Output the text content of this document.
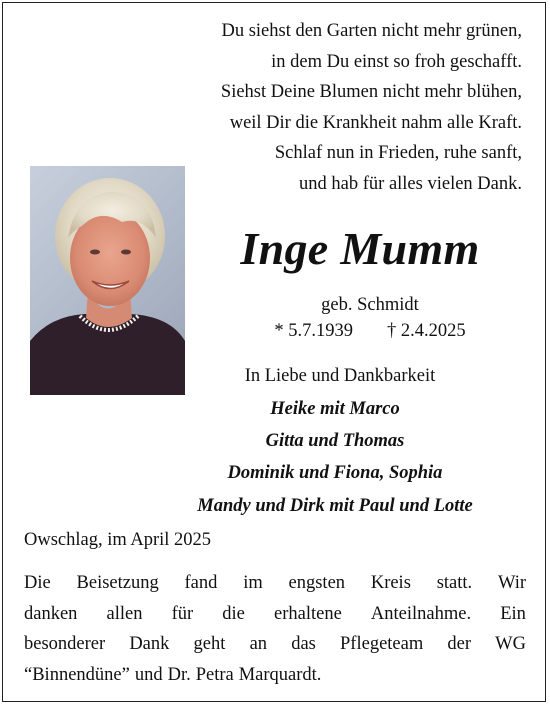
Du siehst den Garten nicht mehr grünen,
in dem Du einst so froh geschafft.
Siehst Deine Blumen nicht mehr blühen,
weil Dir die Krankheit nahm alle Kraft.
Schlaf nun in Frieden, ruhe sanft,
und hab für alles vielen Dank.
Inge Mumm
geb. Schmidt
* 5.7.1939 † 2.4.2025
In Liebe und Dankbarkeit
Heike mit Marco
Gitta und Thomas
Dominik und Fiona, Sophia
Mandy und Dirk mit Paul und Lotte
Owschlag, im April 2025
Die Beisetzung fand im engsten Kreis statt. Wir
danken allen für die erhaltene Anteilnahme. Ein
besonderer Dank geht an das Pflegeteam der WG
“Binnendüne” und Dr. Petra Marquardt.
